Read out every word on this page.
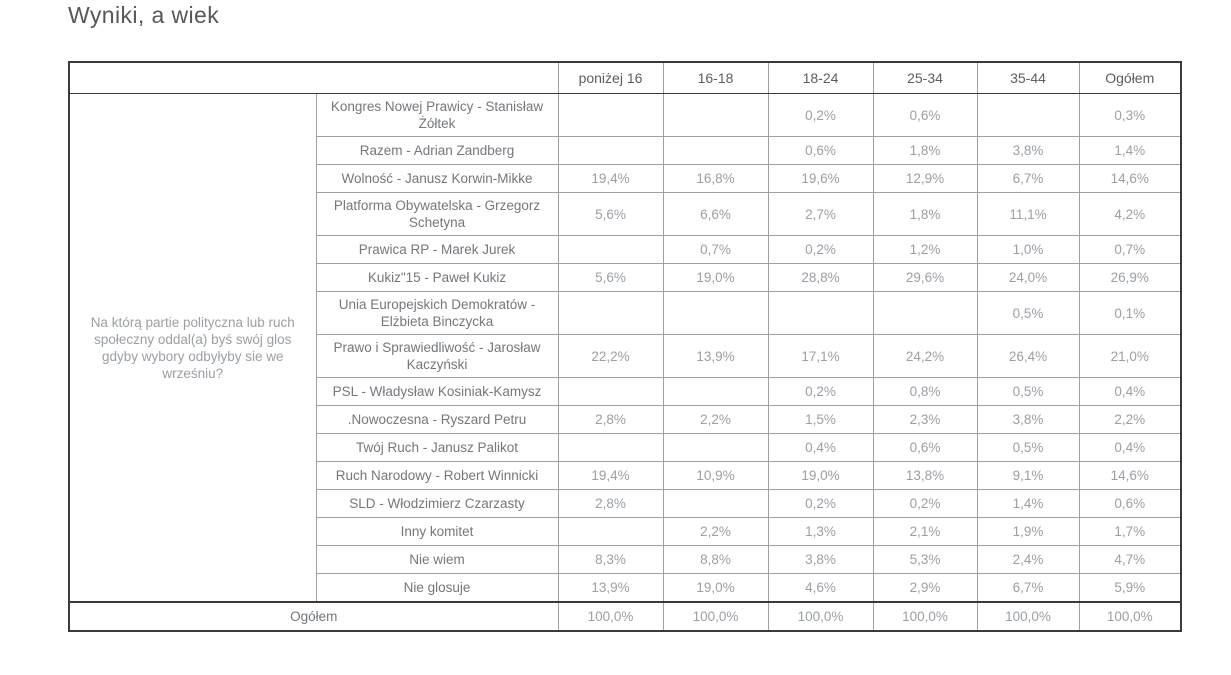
Wyniki, a wiek
		poniżej 16	16-18	18-24	25-34	35-44	Ogółem
Na którą partie polityczna lub ruch społeczny oddal(a) byś swój glos gdyby wybory odbyłyby sie we wrześniu?	Kongres Nowej Prawicy - Stanisław Żółtek			0,2%	0,6%		0,3%
	Razem - Adrian Zandberg			0,6%	1,8%	3,8%	1,4%
	Wolność - Janusz Korwin-Mikke	19,4%	16,8%	19,6%	12,9%	6,7%	14,6%
	Platforma Obywatelska - Grzegorz Schetyna	5,6%	6,6%	2,7%	1,8%	11,1%	4,2%
	Prawica RP - Marek Jurek		0,7%	0,2%	1,2%	1,0%	0,7%
	Kukiz"15 - Paweł Kukiz	5,6%	19,0%	28,8%	29,6%	24,0%	26,9%
	Unia Europejskich Demokratów - Elżbieta Binczycka					0,5%	0,1%
	Prawo i Sprawiedliwość - Jarosław Kaczyński	22,2%	13,9%	17,1%	24,2%	26,4%	21,0%
	PSL - Władysław Kosiniak-Kamysz			0,2%	0,8%	0,5%	0,4%
	.Nowoczesna - Ryszard Petru	2,8%	2,2%	1,5%	2,3%	3,8%	2,2%
	Twój Ruch - Janusz Palikot			0,4%	0,6%	0,5%	0,4%
	Ruch Narodowy - Robert Winnicki	19,4%	10,9%	19,0%	13,8%	9,1%	14,6%
	SLD - Włodzimierz Czarzasty	2,8%		0,2%	0,2%	1,4%	0,6%
	Inny komitet		2,2%	1,3%	2,1%	1,9%	1,7%
	Nie wiem	8,3%	8,8%	3,8%	5,3%	2,4%	4,7%
	Nie glosuje	13,9%	19,0%	4,6%	2,9%	6,7%	5,9%
Ogółem		100,0%	100,0%	100,0%	100,0%	100,0%	100,0%
